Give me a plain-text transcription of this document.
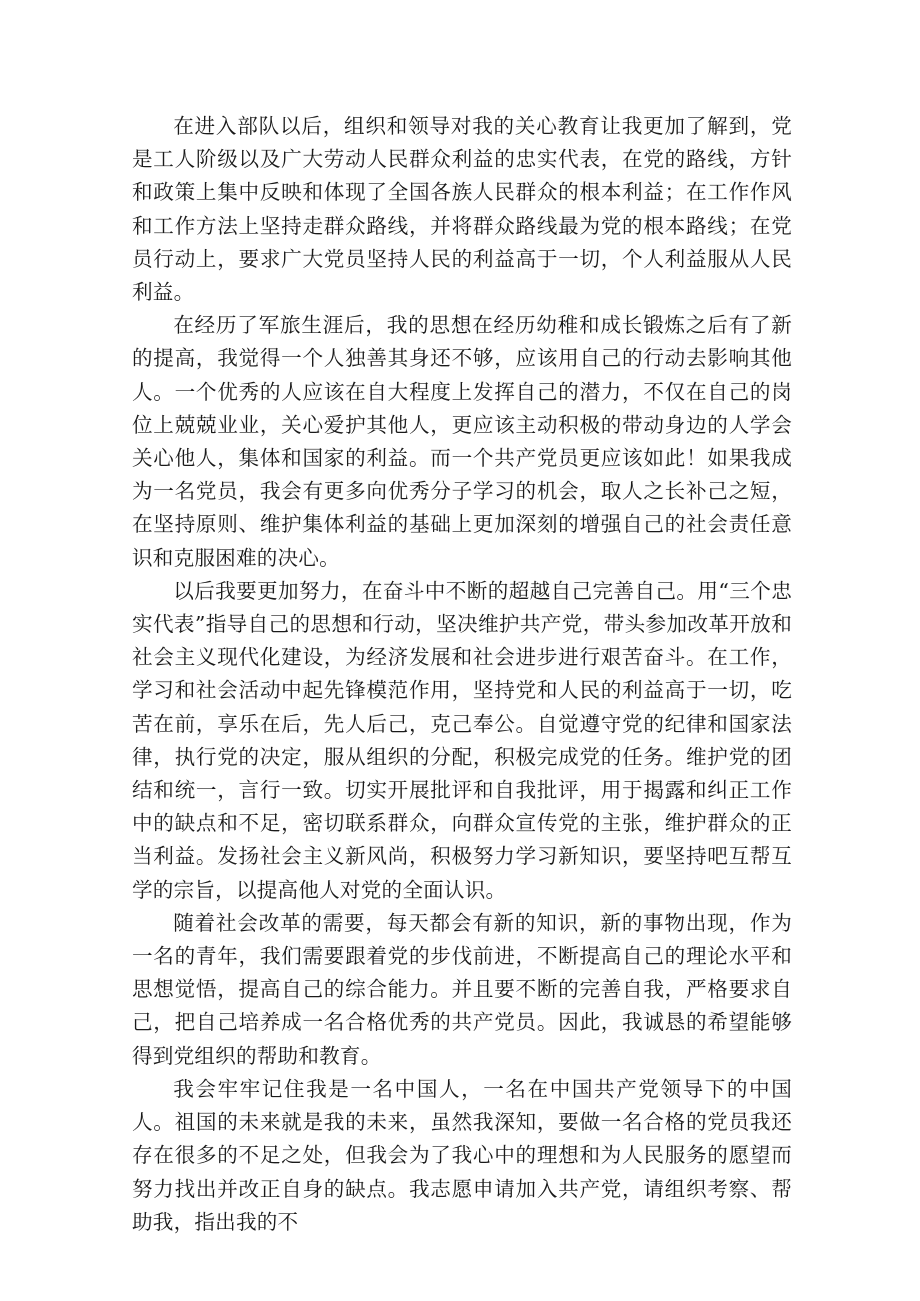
在进入部队以后，组织和领导对我的关心教育让我更加了解到，党是工人阶级以及广大劳动人民群众利益的忠实代表，在党的路线，方针和政策上集中反映和体现了全国各族人民群众的根本利益；在工作作风和工作方法上坚持走群众路线，并将群众路线最为党的根本路线；在党员行动上，要求广大党员坚持人民的利益高于一切，个人利益服从人民利益。

在经历了军旅生涯后，我的思想在经历幼稚和成长锻炼之后有了新的提高，我觉得一个人独善其身还不够，应该用自己的行动去影响其他人。一个优秀的人应该在自大程度上发挥自己的潜力，不仅在自己的岗位上兢兢业业，关心爱护其他人，更应该主动积极的带动身边的人学会关心他人，集体和国家的利益。而一个共产党员更应该如此！如果我成为一名党员，我会有更多向优秀分子学习的机会，取人之长补己之短，在坚持原则、维护集体利益的基础上更加深刻的增强自己的社会责任意识和克服困难的决心。

以后我要更加努力，在奋斗中不断的超越自己完善自己。用“三个忠实代表”指导自己的思想和行动，坚决维护共产党，带头参加改革开放和社会主义现代化建设，为经济发展和社会进步进行艰苦奋斗。在工作，学习和社会活动中起先锋模范作用，坚持党和人民的利益高于一切，吃苦在前，享乐在后，先人后己，克己奉公。自觉遵守党的纪律和国家法律，执行党的决定，服从组织的分配，积极完成党的任务。维护党的团结和统一，言行一致。切实开展批评和自我批评，用于揭露和纠正工作中的缺点和不足，密切联系群众，向群众宣传党的主张，维护群众的正当利益。发扬社会主义新风尚，积极努力学习新知识，要坚持吧互帮互学的宗旨，以提高他人对党的全面认识。

随着社会改革的需要，每天都会有新的知识，新的事物出现，作为一名的青年，我们需要跟着党的步伐前进，不断提高自己的理论水平和思想觉悟，提高自己的综合能力。并且要不断的完善自我，严格要求自己，把自己培养成一名合格优秀的共产党员。因此，我诚恳的希望能够得到党组织的帮助和教育。

我会牢牢记住我是一名中国人，一名在中国共产党领导下的中国人。祖国的未来就是我的未来，虽然我深知，要做一名合格的党员我还存在很多的不足之处，但我会为了我心中的理想和为人民服务的愿望而努力找出并改正自身的缺点。我志愿申请加入共产党，请组织考察、帮助我，指出我的不
